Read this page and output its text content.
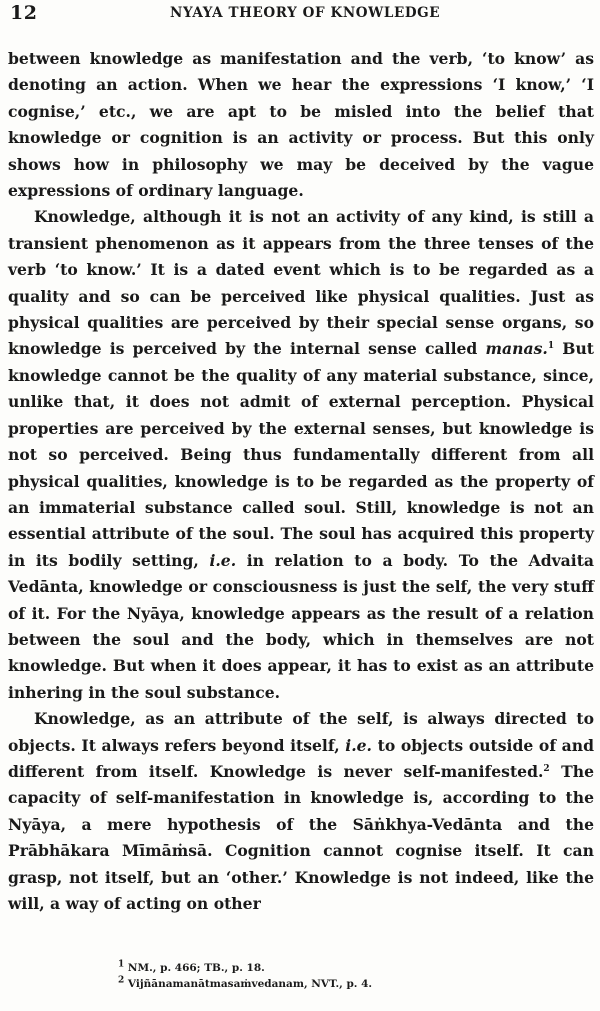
12	NYAYA THEORY OF KNOWLEDGE

between knowledge as manifestation and the verb, ‘to know’ as denoting an action. When we hear the expressions ‘I know,’ ‘I cognise,’ etc., we are apt to be misled into the belief that knowledge or cognition is an activity or process. But this only shows how in philosophy we may be deceived by the vague expressions of ordinary language.

Knowledge, although it is not an activity of any kind, is still a transient phenomenon as it appears from the three tenses of the verb ‘to know.’ It is a dated event which is to be regarded as a quality and so can be perceived like physical qualities. Just as physical qualities are perceived by their special sense organs, so knowledge is perceived by the internal sense called manas.$^1$ But knowledge cannot be the quality of any material substance, since, unlike that, it does not admit of external perception. Physical properties are perceived by the external senses, but knowledge is not so perceived. Being thus fundamentally different from all physical qualities, knowledge is to be regarded as the property of an immaterial substance called soul. Still, knowledge is not an essential attribute of the soul. The soul has acquired this property in its bodily setting, i.e. in relation to a body. To the Advaita Vedānta, knowledge or consciousness is just the self, the very stuff of it. For the Nyāya, knowledge appears as the result of a relation between the soul and the body, which in themselves are not knowledge. But when it does appear, it has to exist as an attribute inhering in the soul substance.

Knowledge, as an attribute of the self, is always directed to objects. It always refers beyond itself, i.e. to objects outside of and different from itself. Knowledge is never self-manifested.$^2$ The capacity of self-manifestation in knowledge is, according to the Nyāya, a mere hypothesis of the Sāṅkhya-Vedānta and the Prābhākara Mīmāṁsā. Cognition cannot cognise itself. It can grasp, not itself, but an ‘other.’ Knowledge is not indeed, like the will, a way of acting on other

$^1$ NM., p. 466; TB., p. 18.
$^2$ Vijñānamanātmasaṁvedanam, NVT., p. 4.
